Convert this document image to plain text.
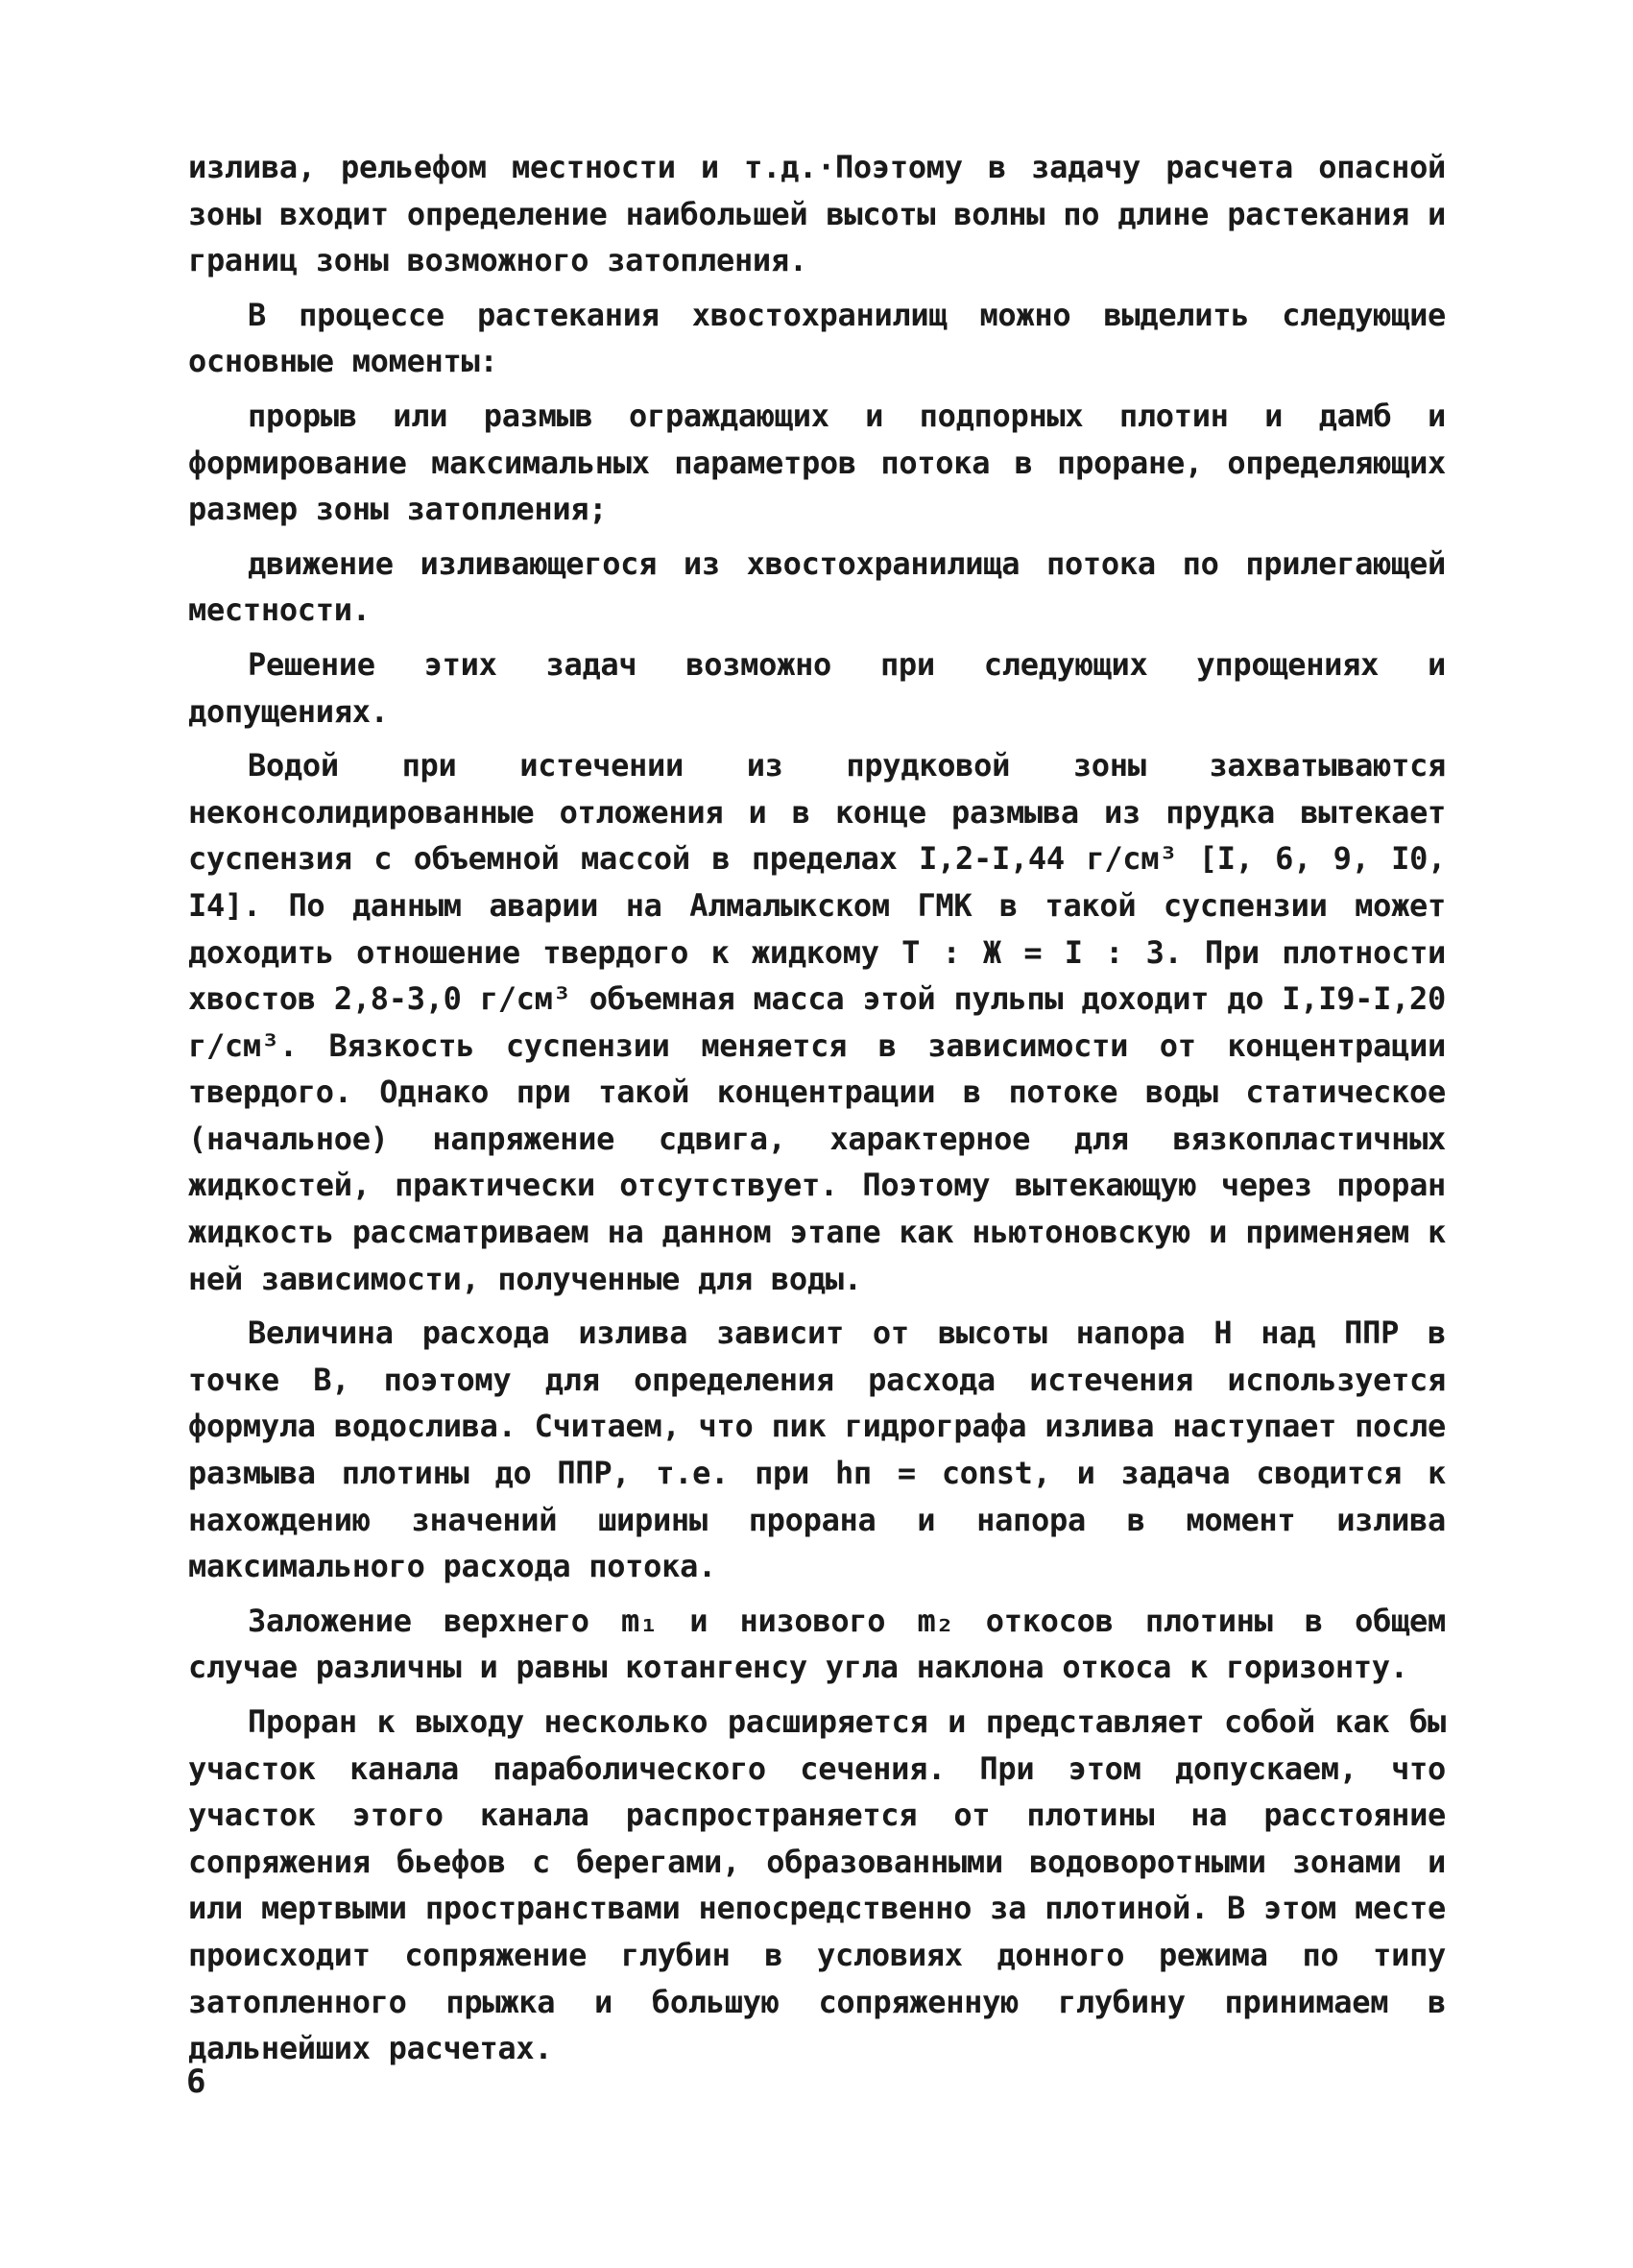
излива, рельефом местности и т.д.·Поэтому в задачу расчета опасной зоны входит определение наибольшей высоты волны по длине растекания и границ зоны возможного затопления.

В процессе растекания хвостохранилищ можно выделить следующие основные моменты:

прорыв или размыв ограждающих и подпорных плотин и дамб и формирование максимальных параметров потока в проране, определяющих размер зоны затопления;

движение изливающегося из хвостохранилища потока по прилегающей местности.

Решение этих задач возможно при следующих упрощениях и допущениях.

Водой при истечении из прудковой зоны захватываются неконсолидированные отложения и в конце размыва из прудка вытекает суспензия с объемной массой в пределах I,2-I,44 г/см³ [I, 6, 9, I0, I4]. По данным аварии на Алмалыкском ГМК в такой суспензии может доходить отношение твердого к жидкому Т : Ж = I : 3. При плотности хвостов 2,8-3,0 г/см³ объемная масса этой пульпы доходит до I,I9-I,20 г/см³. Вязкость суспензии меняется в зависимости от концентрации твердого. Однако при такой концентрации в потоке воды статическое (начальное) напряжение сдвига, характерное для вязкопластичных жидкостей, практически отсутствует. Поэтому вытекающую через проран жидкость рассматриваем на данном этапе как ньютоновскую и применяем к ней зависимости, полученные для воды.

Величина расхода излива зависит от высоты напора H над ППР в точке B, поэтому для определения расхода истечения используется формула водослива. Считаем, что пик гидрографа излива наступает после размыва плотины до ППР, т.е. при hп = const, и задача сводится к нахождению значений ширины прорана и напора в момент излива максимального расхода потока.

Заложение верхнего m₁ и низового m₂ откосов плотины в общем случае различны и равны котангенсу угла наклона откоса к горизонту.

Проран к выходу несколько расширяется и представляет собой как бы участок канала параболического сечения. При этом допускаем, что участок этого канала распространяется от плотины на расстояние сопряжения бьефов с берегами, образованными водоворотными зонами и или мертвыми пространствами непосредственно за плотиной. В этом месте происходит сопряжение глубин в условиях донного режима по типу затопленного прыжка и большую сопряженную глубину принимаем в дальнейших расчетах.

6
